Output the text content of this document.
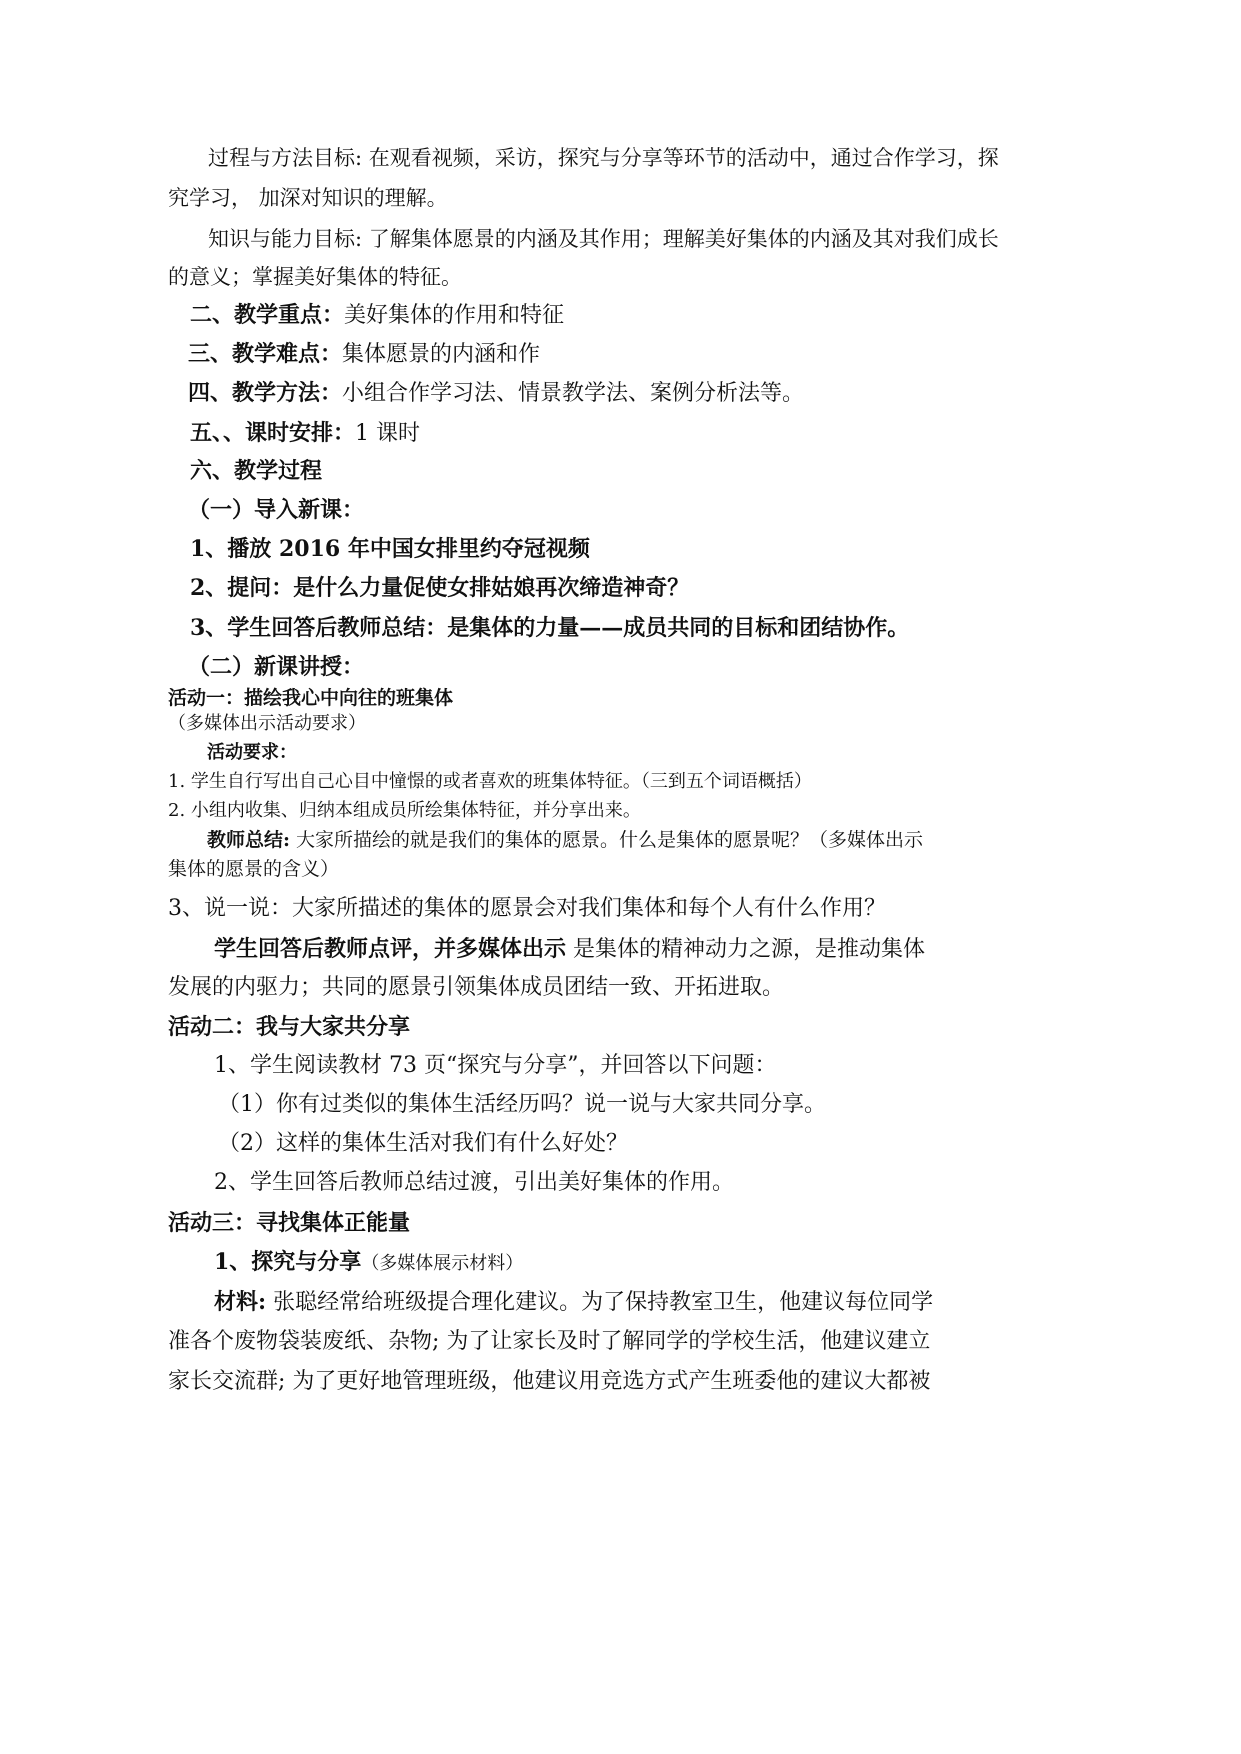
过程与方法目标: 在观看视频，采访，探究与分享等环节的活动中，通过合作学习，探

究学习， 加深对知识的理解。

知识与能力目标: 了解集体愿景的内涵及其作用；理解美好集体的内涵及其对我们成长

的意义；掌握美好集体的特征。

二、教学重点：美好集体的作用和特征

三、教学难点：集体愿景的内涵和作

四、教学方法：小组合作学习法、情景教学法、案例分析法等。

五、、课时安排：1 课时

六、教学过程

（一）导入新课：

1、播放 2016 年中国女排里约夺冠视频

2、提问：是什么力量促使女排姑娘再次缔造神奇？

3、学生回答后教师总结：是集体的力量——成员共同的目标和团结协作。

（二）新课讲授：

活动一：描绘我心中向往的班集体

（多媒体出示活动要求）

活动要求：

1. 学生自行写出自己心目中憧憬的或者喜欢的班集体特征。（三到五个词语概括）

2. 小组内收集、归纳本组成员所绘集体特征，并分享出来。

教师总结: 大家所描绘的就是我们的集体的愿景。什么是集体的愿景呢？（多媒体出示

集体的愿景的含义）

3、说一说：大家所描述的集体的愿景会对我们集体和每个人有什么作用？

学生回答后教师点评，并多媒体出示 是集体的精神动力之源，是推动集体

发展的内驱力；共同的愿景引领集体成员团结一致、开拓进取。

活动二：我与大家共分享

1、学生阅读教材 73 页“探究与分享”，并回答以下问题：

（1）你有过类似的集体生活经历吗？说一说与大家共同分享。

（2）这样的集体生活对我们有什么好处？

2、学生回答后教师总结过渡，引出美好集体的作用。

活动三：寻找集体正能量

1、探究与分享（多媒体展示材料）

材料: 张聪经常给班级提合理化建议。为了保持教室卫生，他建议每位同学

准各个废物袋装废纸、杂物; 为了让家长及时了解同学的学校生活，他建议建立

家长交流群; 为了更好地管理班级，他建议用竞选方式产生班委他的建议大都被
